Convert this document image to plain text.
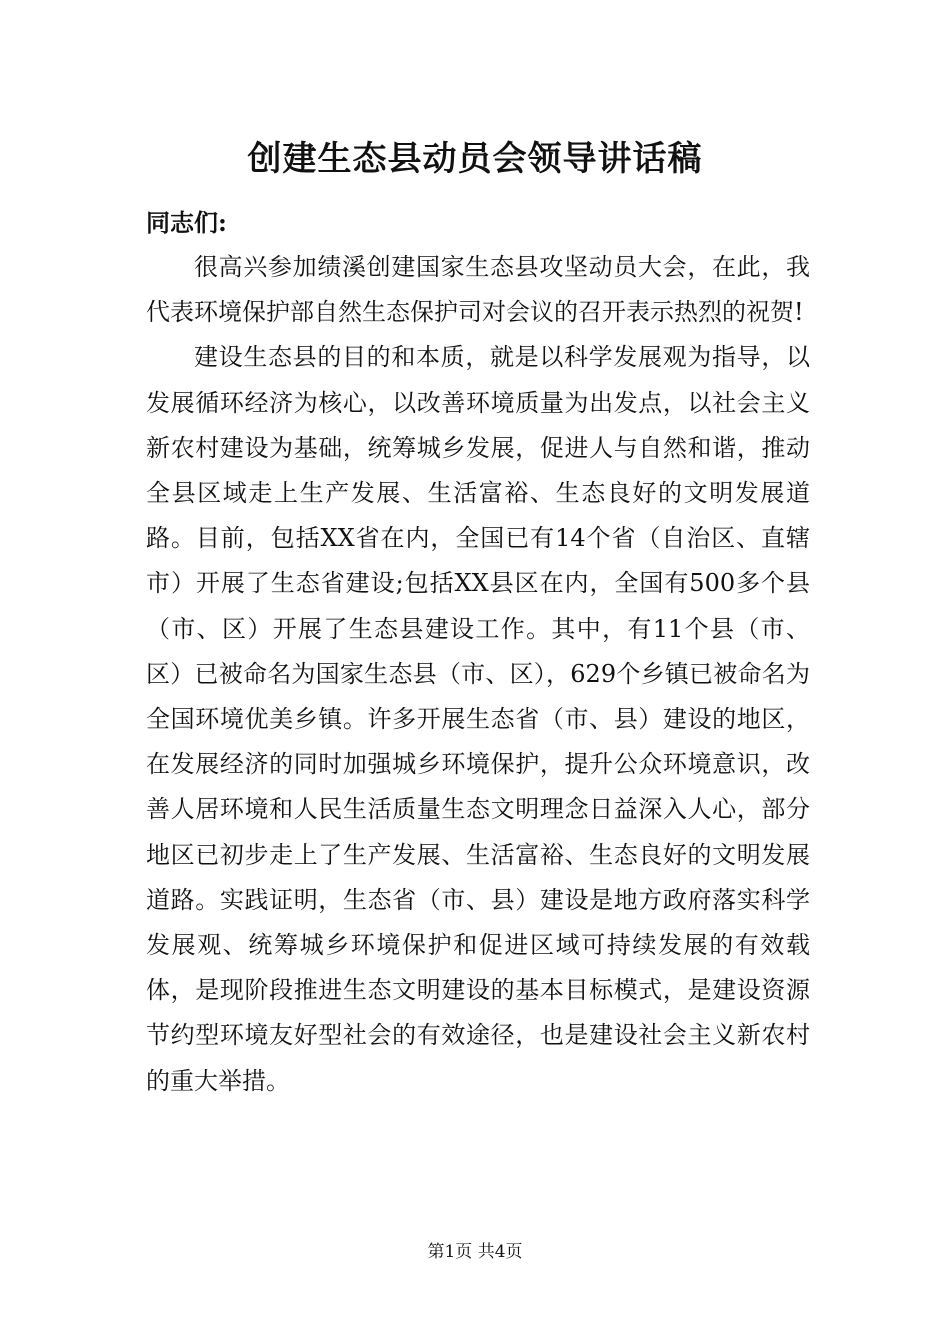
创建生态县动员会领导讲话稿
同志们:

很高兴参加绩溪创建国家生态县攻坚动员大会，在此，我代表环境保护部自然生态保护司对会议的召开表示热烈的祝贺!

建设生态县的目的和本质，就是以科学发展观为指导，以发展循环经济为核心，以改善环境质量为出发点，以社会主义新农村建设为基础，统筹城乡发展，促进人与自然和谐，推动全县区域走上生产发展、生活富裕、生态良好的文明发展道路。目前，包括XX省在内，全国已有14个省（自治区、直辖市）开展了生态省建设;包括XX县区在内，全国有500多个县（市、区）开展了生态县建设工作。其中，有11个县（市、区）已被命名为国家生态县（市、区），629个乡镇已被命名为全国环境优美乡镇。许多开展生态省（市、县）建设的地区，在发展经济的同时加强城乡环境保护，提升公众环境意识，改善人居环境和人民生活质量生态文明理念日益深入人心，部分地区已初步走上了生产发展、生活富裕、生态良好的文明发展道路。实践证明，生态省（市、县）建设是地方政府落实科学发展观、统筹城乡环境保护和促进区域可持续发展的有效载体，是现阶段推进生态文明建设的基本目标模式，是建设资源节约型环境友好型社会的有效途径，也是建设社会主义新农村的重大举措。

第1页 共4页
